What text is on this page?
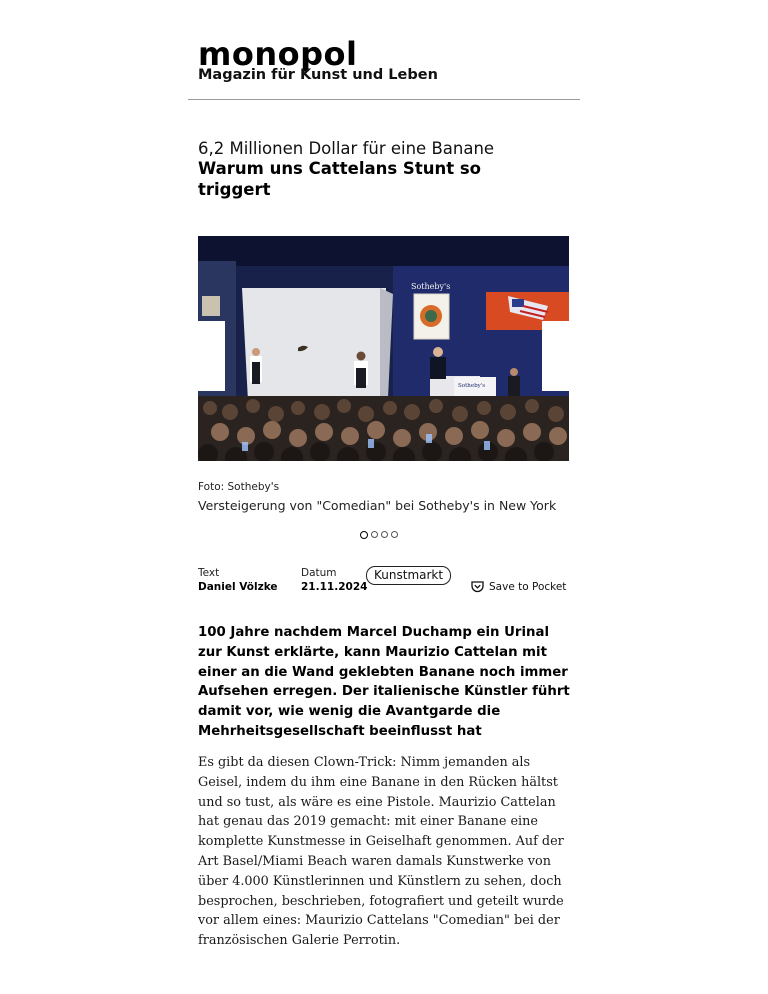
monopol
Magazin für Kunst und Leben
6,2 Millionen Dollar für eine Banane
Warum uns Cattelans Stunt so triggert
Sotheby's
Sotheby's
Foto: Sotheby's
Versteigerung von "Comedian" bei Sotheby's in New York
Text
Daniel Völzke
Datum
21.11.2024
Kunstmarkt
Save to Pocket
100 Jahre nachdem Marcel Duchamp ein Urinal zur Kunst erklärte, kann Maurizio Cattelan mit einer an die Wand geklebten Banane noch immer Aufsehen erregen. Der italienische Künstler führt damit vor, wie wenig die Avantgarde die Mehrheitsgesellschaft beeinflusst hat
Es gibt da diesen Clown-Trick: Nimm jemanden als Geisel, indem du ihm eine Banane in den Rücken hältst und so tust, als wäre es eine Pistole. Maurizio Cattelan hat genau das 2019 gemacht: mit einer Banane eine komplette Kunstmesse in Geiselhaft genommen. Auf der Art Basel/Miami Beach waren damals Kunstwerke von über 4.000 Künstlerinnen und Künstlern zu sehen, doch besprochen, beschrieben, fotografiert und geteilt wurde vor allem eines: Maurizio Cattelans "Comedian" bei der französischen Galerie Perrotin.
